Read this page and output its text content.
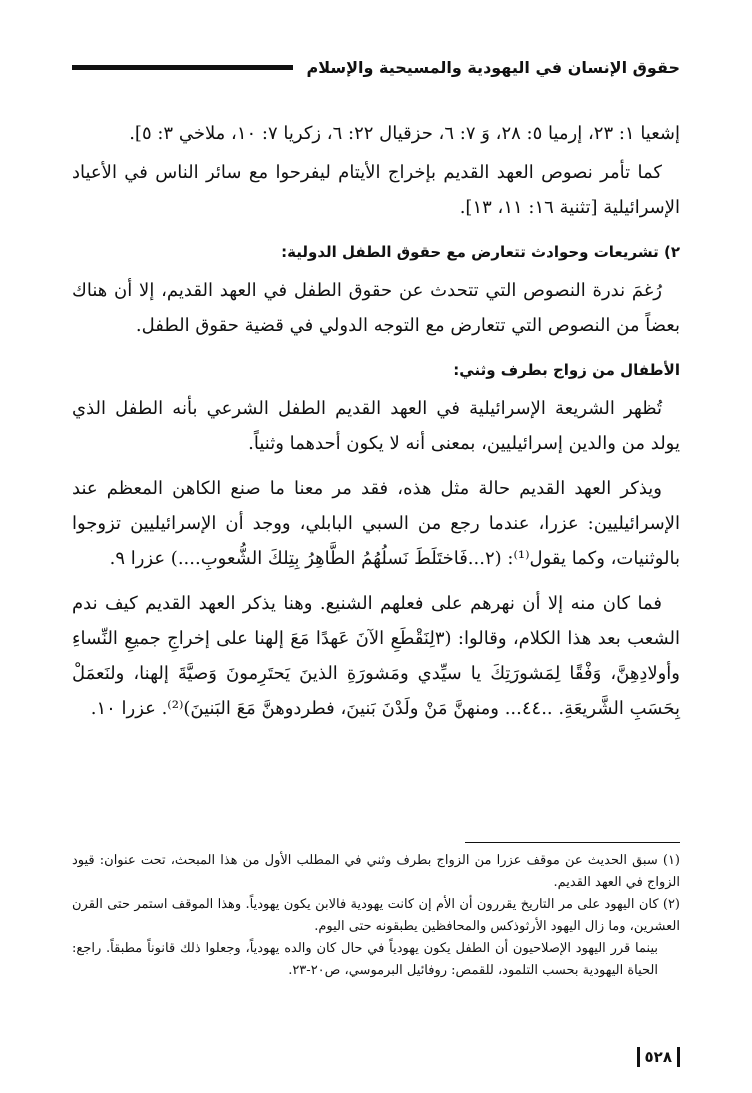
حقوق الإنسان في اليهودية والمسيحية والإسلام

إشعيا ١: ٢٣، إرميا ٥: ٢٨، وَ ٧: ٦، حزقيال ٢٢: ٦، زكريا ٧: ١٠، ملاخي ٣: ٥].

كما تأمر نصوص العهد القديم بإخراج الأيتام ليفرحوا مع سائر الناس في الأعياد الإسرائيلية [تثنية ١٦: ١١، ١٣].

٢) تشريعات وحوادث تتعارض مع حقوق الطفل الدولية:

رُغمَ ندرة النصوص التي تتحدث عن حقوق الطفل في العهد القديم، إلا أن هناك بعضاً من النصوص التي تتعارض مع التوجه الدولي في قضية حقوق الطفل.

الأطفال من زواج بطرف وثني:

تُظهر الشريعة الإسرائيلية في العهد القديم الطفل الشرعي بأنه الطفل الذي يولد من والدين إسرائيليين، بمعنى أنه لا يكون أحدهما وثنياً.

ويذكر العهد القديم حالة مثل هذه، فقد مر معنا ما صنع الكاهن المعظم عند الإسرائيليين: عزرا، عندما رجع من السبي البابلي، ووجد أن الإسرائيليين تزوجوا بالوثنيات، وكما يقول⁽¹⁾: (٢...فَاختَلَطَ نَسلُهُمُ الطَّاهِرُ بِتِلكَ الشُّعوبِ....) عزرا ٩.

فما كان منه إلا أن نهرهم على فعلهم الشنيع. وهنا يذكر العهد القديم كيف ندم الشعب بعد هذا الكلام، وقالوا: (٣لِنَقْطَعِ الآنَ عَهدًا مَعَ إلهنا على إخراجِ جميعِ النِّساءِ وأولادِهِنَّ، وَفْقًا لِمَشورَتِكَ يا سيِّدي ومَشورَةِ الذينَ يَحتَرِمونَ وَصيَّةَ إلهنا، ولنَعمَلْ بِحَسَبِ الشَّريعَةِ. ..٤٤... ومنهنَّ مَنْ ولَدْنَ بَنينَ، فطردوهنَّ مَعَ البَنينَ)⁽²⁾. عزرا ١٠.

(١) سبق الحديث عن موقف عزرا من الزواج بطرف وثني في المطلب الأول من هذا المبحث، تحت عنوان: قيود الزواج في العهد القديم.

(٢) كان اليهود على مر التاريخ يقررون أن الأم إن كانت يهودية فالابن يكون يهودياً. وهذا الموقف استمر حتى القرن العشرين، وما زال اليهود الأرثوذكس والمحافظين يطبقونه حتى اليوم.

بينما قرر اليهود الإصلاحيون أن الطفل يكون يهودياً في حال كان والده يهودياً، وجعلوا ذلك قانوناً مطبقاً. راجع: الحياة اليهودية بحسب التلمود، للقمص: روفائيل البرموسي، ص٢٠-٢٣.

٥٢٨
